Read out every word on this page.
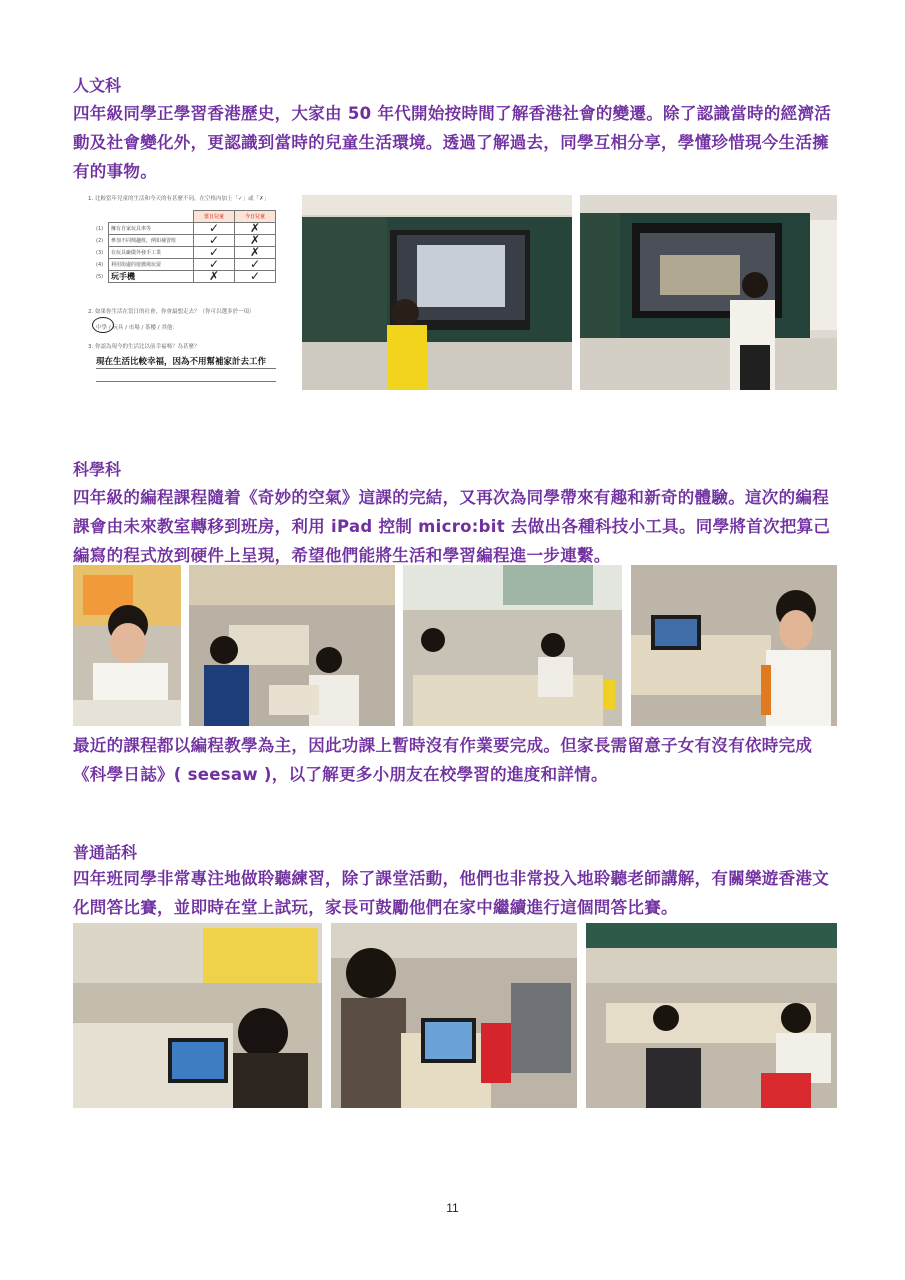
人文科

四年級同學正學習香港歷史，大家由 50 年代開始按時間了解香港社會的變遷。除了認識當時的經濟活動及社會變化外，更認識到當時的兒童生活環境。透過了解過去，同學互相分享，學懂珍惜現今生活擁有的事物。

1. 比較當年兒童的生活和今天的有甚麼不同，在空格內加上「✓」或「✗」
		當日兒童	今日兒童
(1)	擁有自家玩具車等	✓	✗
(2)	參加不同興趣班，例如補習班	✓	✗
(3)	在玩具廠做外發手工業	✓	✗
(4)	利用街邊的遊戲場玩耍	✓	✓
(5)	玩手機	✗	✓
2. 如果你生活在當日的社會，你會最想走去？（你可以選多於一項）
中學 / 玩具 / 市場 / 茶樓 / 其他：
3. 你認為現今的生活比以前幸福嗎？為甚麼？
現在生活比較幸福，因為不用幫補家計去工作
科學科

四年級的編程課程隨着《奇妙的空氣》這課的完結，又再次為同學帶來有趣和新奇的體驗。這次的編程課會由未來教室轉移到班房，利用 iPad 控制 micro:bit 去做出各種科技小工具。同學將首次把算己編寫的程式放到硬件上呈現，希望他們能將生活和學習編程進一步連繫。

最近的課程都以編程教學為主，因此功課上暫時沒有作業要完成。但家長需留意子女有沒有依時完成《科學日誌》( seesaw )，以了解更多小朋友在校學習的進度和詳情。

普通話科

四年班同學非常專注地做聆聽練習，除了課堂活動，他們也非常投入地聆聽老師講解，有關樂遊香港文化問答比賽，並即時在堂上試玩，家長可鼓勵他們在家中繼續進行這個問答比賽。

11
